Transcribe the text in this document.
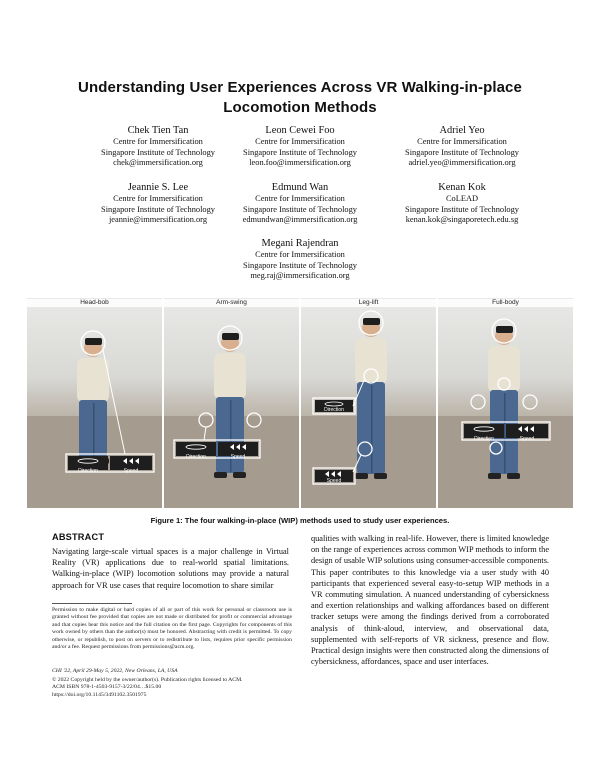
Understanding User Experiences Across VR Walking-in-place Locomotion Methods
Chek Tien Tan
Centre for Immersification
Singapore Institute of Technology
chek@immersification.org
Leon Cewei Foo
Centre for Immersification
Singapore Institute of Technology
leon.foo@immersification.org
Adriel Yeo
Centre for Immersification
Singapore Institute of Technology
adriel.yeo@immersification.org
Jeannie S. Lee
Centre for Immersification
Singapore Institute of Technology
jeannie@immersification.org
Edmund Wan
Centre for Immersification
Singapore Institute of Technology
edmundwan@immersification.org
Kenan Kok
CoLEAD
Singapore Institute of Technology
kenan.kok@singaporetech.edu.sg
Megani Rajendran
Centre for Immersification
Singapore Institute of Technology
meg.raj@immersification.org
Head-bob
Direction	Speed
Arm-swing
Direction	Speed
Leg-lift
Direction
Speed
Full-body
Direction	Speed
Figure 1: The four walking-in-place (WIP) methods used to study user experiences.
ABSTRACT
Navigating large-scale virtual spaces is a major challenge in Virtual Reality (VR) applications due to real-world spatial limitations. Walking-in-place (WIP) locomotion solutions may provide a natural approach for VR use cases that require locomotion to share similar
qualities with walking in real-life. However, there is limited knowledge on the range of experiences across common WIP methods to inform the design of usable WIP solutions using consumer-accessible components. This paper contributes to this knowledge via a user study with 40 participants that experienced several easy-to-setup WIP methods in a VR commuting simulation. A nuanced understanding of cybersickness and exertion relationships and walking affordances based on different tracker setups were among the findings derived from a corroborated analysis of think-aloud, interview, and observational data, supplemented with self-reports of VR sickness, presence and flow. Practical design insights were then constructed along the dimensions of cybersickness, affordances, space and user interfaces.
Permission to make digital or hard copies of all or part of this work for personal or classroom use is granted without fee provided that copies are not made or distributed for profit or commercial advantage and that copies bear this notice and the full citation on the first page. Copyrights for components of this work owned by others than the author(s) must be honored. Abstracting with credit is permitted. To copy otherwise, or republish, to post on servers or to redistribute to lists, requires prior specific permission and/or a fee. Request permissions from permissions@acm.org.
CHI '22, April 29-May 5, 2022, New Orleans, LA, USA
© 2022 Copyright held by the owner/author(s). Publication rights licensed to ACM.
ACM ISBN 978-1-4503-9157-3/22/04…$15.00
https://doi.org/10.1145/3491102.3501975
